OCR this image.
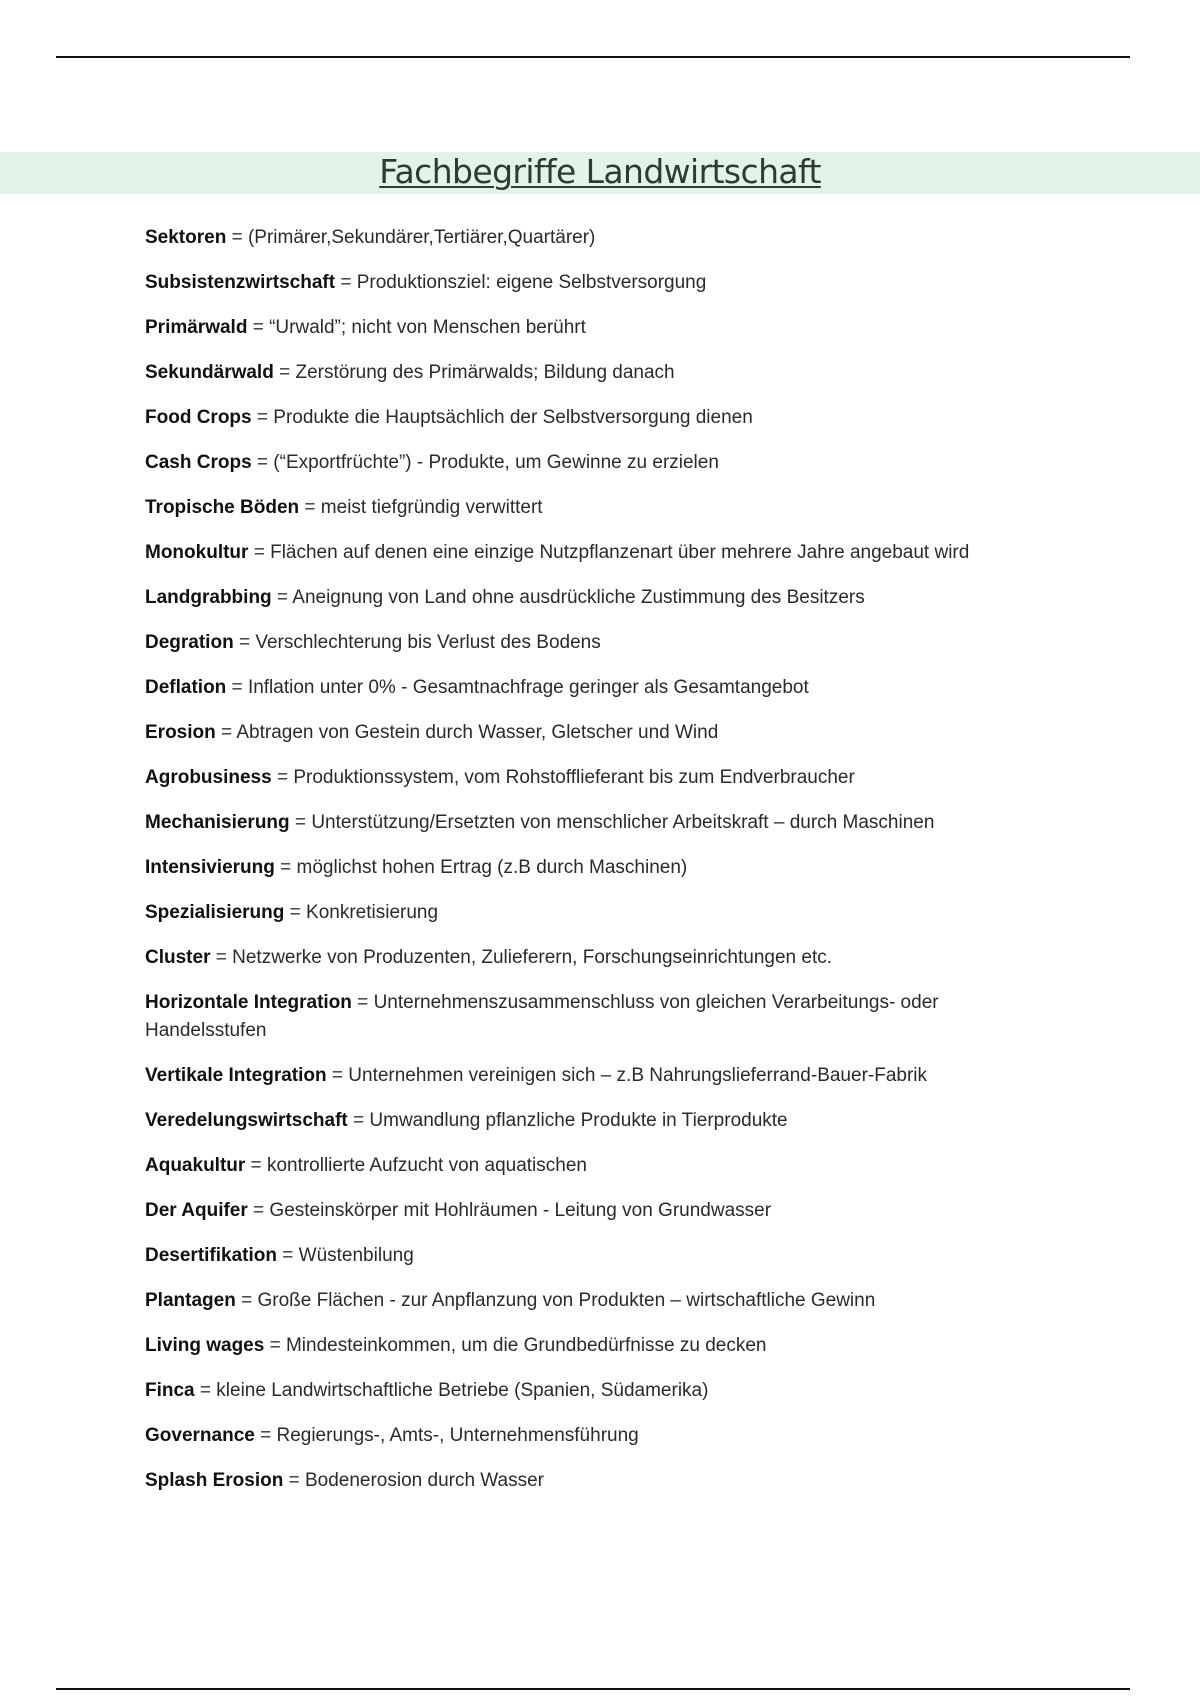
Fachbegriffe Landwirtschaft
Sektoren = (Primärer,Sekundärer,Tertiärer,Quartärer)
Subsistenzwirtschaft = Produktionsziel: eigene Selbstversorgung
Primärwald = “Urwald”; nicht von Menschen berührt
Sekundärwald = Zerstörung des Primärwalds; Bildung danach
Food Crops = Produkte die Hauptsächlich der Selbstversorgung dienen
Cash Crops = (“Exportfrüchte”) - Produkte, um Gewinne zu erzielen
Tropische Böden = meist tiefgründig verwittert
Monokultur = Flächen auf denen eine einzige Nutzpflanzenart über mehrere Jahre angebaut wird
Landgrabbing = Aneignung von Land ohne ausdrückliche Zustimmung des Besitzers
Degration = Verschlechterung bis Verlust des Bodens
Deflation = Inflation unter 0% - Gesamtnachfrage geringer als Gesamtangebot
Erosion = Abtragen von Gestein durch Wasser, Gletscher und Wind
Agrobusiness = Produktionssystem, vom Rohstofflieferant bis zum Endverbraucher
Mechanisierung = Unterstützung/Ersetzten von menschlicher Arbeitskraft – durch Maschinen
Intensivierung = möglichst hohen Ertrag (z.B durch Maschinen)
Spezialisierung = Konkretisierung
Cluster = Netzwerke von Produzenten, Zulieferern, Forschungseinrichtungen etc.
Horizontale Integration = Unternehmenszusammenschluss von gleichen Verarbeitungs- oder Handelsstufen
Vertikale Integration = Unternehmen vereinigen sich – z.B Nahrungslieferrand-Bauer-Fabrik
Veredelungswirtschaft = Umwandlung pflanzliche Produkte in Tierprodukte
Aquakultur = kontrollierte Aufzucht von aquatischen
Der Aquifer = Gesteinskörper mit Hohlräumen - Leitung von Grundwasser
Desertifikation = Wüstenbilung
Plantagen = Große Flächen - zur Anpflanzung von Produkten – wirtschaftliche Gewinn
Living wages = Mindesteinkommen, um die Grundbedürfnisse zu decken
Finca = kleine Landwirtschaftliche Betriebe (Spanien, Südamerika)
Governance = Regierungs-, Amts-, Unternehmensführung
Splash Erosion = Bodenerosion durch Wasser
